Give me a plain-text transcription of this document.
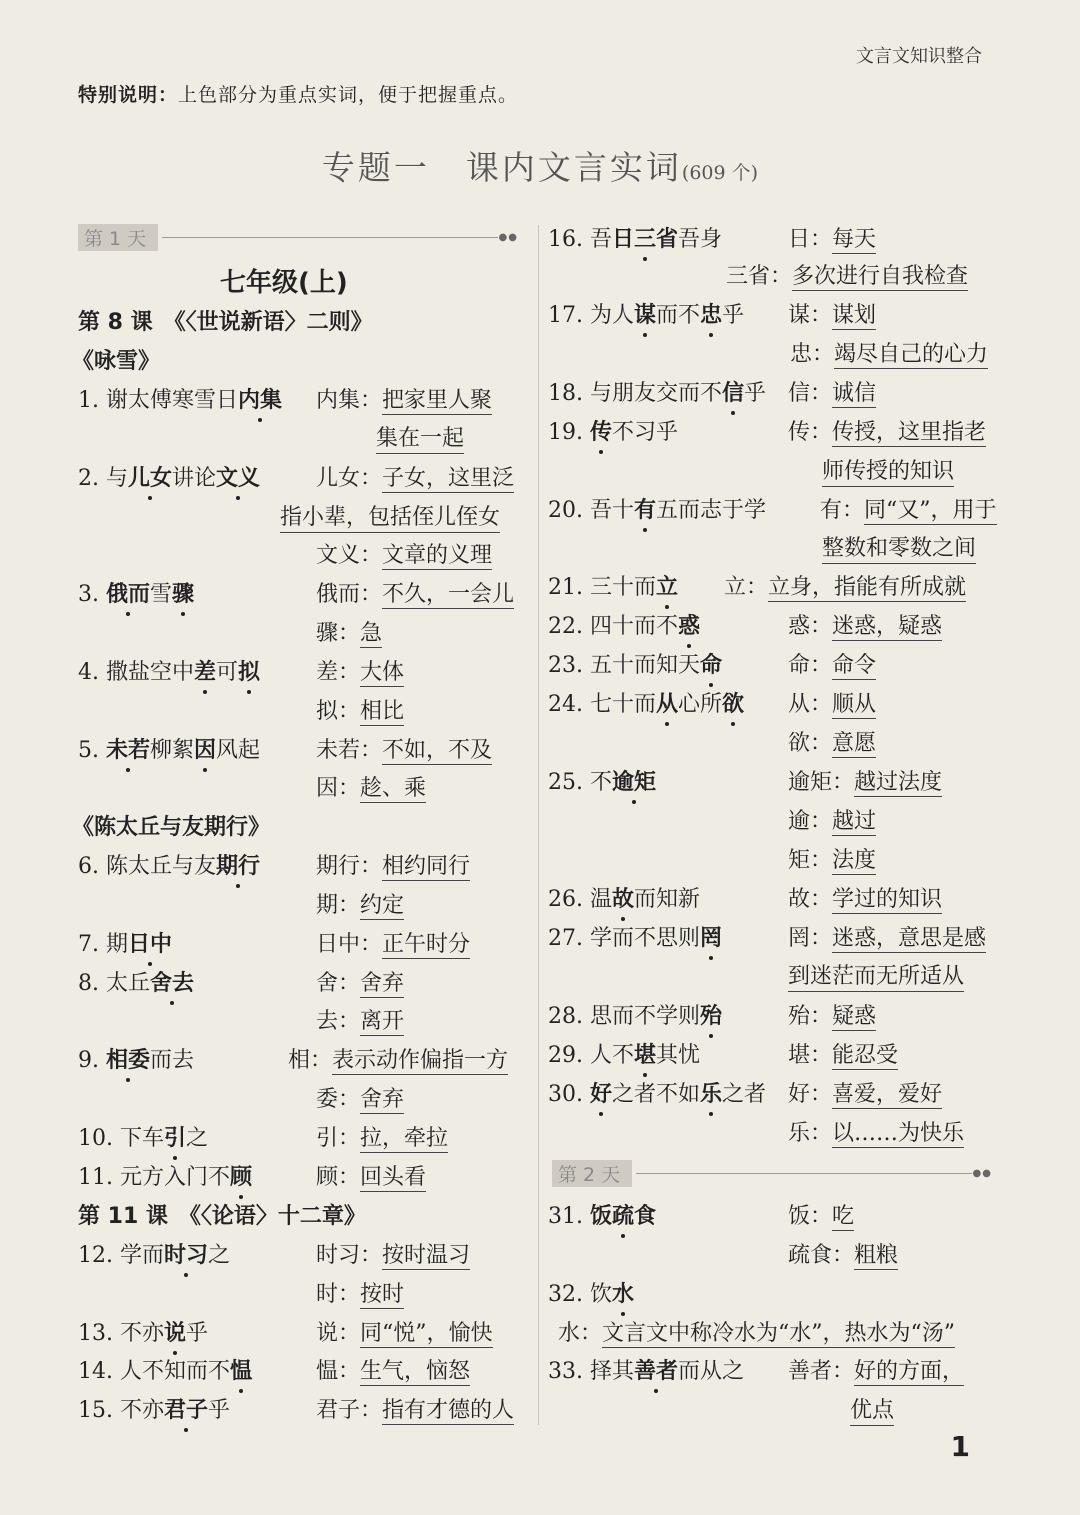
文言文知识整合
特别说明：上色部分为重点实词，便于把握重点。
专题一　课内文言实词(609 个)
第1天	●●
七年级(上)
第 8 课　《〈世说新语〉二则》
《咏雪》
1. 谢太傅寒雪日内集 内集：把家里人聚
集在一起
2. 与儿女讲论文义	儿女：子女，这里泛
指小辈，包括侄儿侄女
文义：文章的义理
3. 俄而雪骤	俄而：不久，一会儿
骤：急
4. 撒盐空中差可拟	差：大体
拟：相比
5. 未若柳絮因风起	未若：不如，不及
因：趁、乘
《陈太丘与友期行》
6. 陈太丘与友期行	期行：相约同行
期：约定
7. 期日中	日中：正午时分
8. 太丘舍去	舍：舍弃
去：离开
9. 相委而去	相：表示动作偏指一方
委：舍弃
10. 下车引之	引：拉，牵拉
11. 元方入门不顾	顾：回头看
第 11 课　《〈论语〉十二章》
12. 学而时习之	时习：按时温习
时：按时
13. 不亦说乎	说：同“悦”，愉快
14. 人不知而不愠	愠：生气，恼怒
15. 不亦君子乎	君子：指有才德的人
16. 吾日三省吾身	日：每天
三省：多次进行自我检查
17. 为人谋而不忠乎 谋：谋划
忠：竭尽自己的心力
18. 与朋友交而不信乎 信：诚信
19. 传不习乎	传：传授，这里指老
师传授的知识
20. 吾十有五而志于学 有：同“又”，用于
整数和零数之间
21. 三十而立 立：立身，指能有所成就
22. 四十而不惑	惑：迷惑，疑惑
23. 五十而知天命	命：命令
24. 七十而从心所欲 从：顺从
欲：意愿
25. 不逾矩	逾矩：越过法度
逾：越过
矩：法度
26. 温故而知新	故：学过的知识
27. 学而不思则罔	罔：迷惑，意思是感
到迷茫而无所适从
28. 思而不学则殆	殆：疑惑
29. 人不堪其忧	堪：能忍受
30. 好之者不如乐之者 好：喜爱，爱好
乐：以……为快乐
第2天	●●
31. 饭疏食	饭：吃
疏食：粗粮
32. 饮水
水：文言文中称冷水为“水”，热水为“汤”
33. 择其善者而从之 善者：好的方面，
优点
1
